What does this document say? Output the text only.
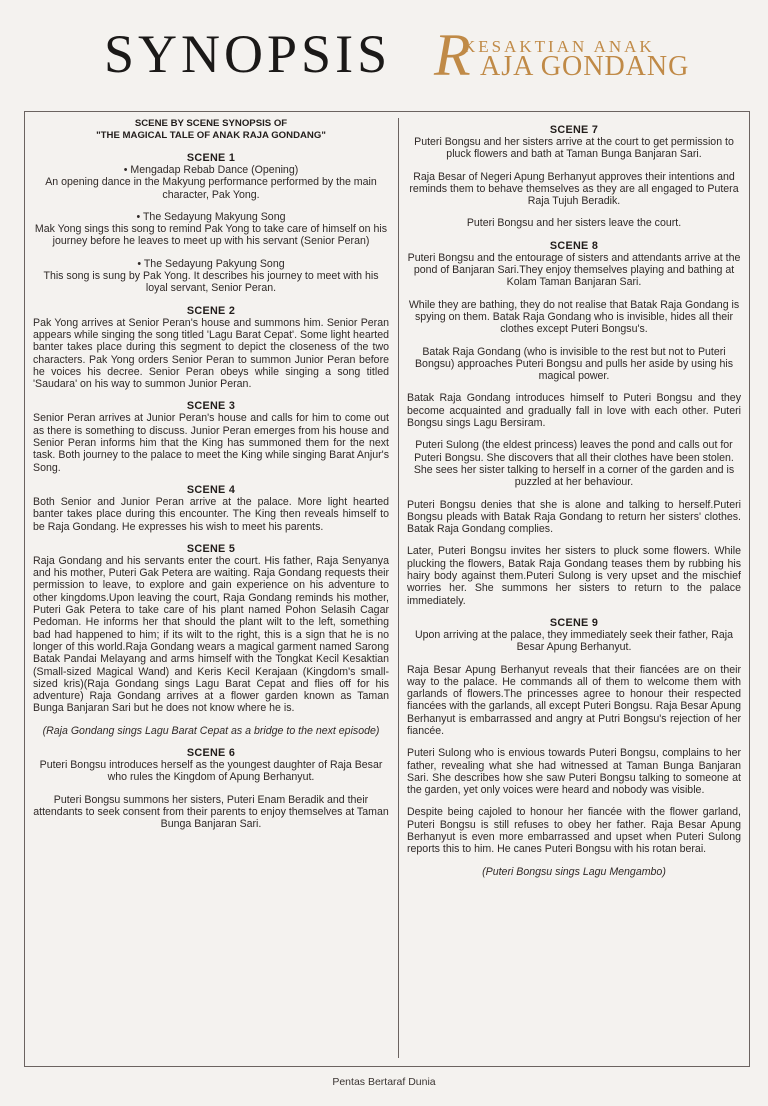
SYNOPSIS R
KESAKTIAN ANAK
AJA GONDANG
SCENE BY SCENE SYNOPSIS OF
"THE MAGICAL TALE OF ANAK RAJA GONDANG"

SCENE 1

• Mengadap Rebab Dance (Opening)

An opening dance in the Makyung performance performed by the main character, Pak Yong.

• The Sedayung Makyung Song

Mak Yong sings this song to remind Pak Yong to take care of himself on his journey before he leaves to meet up with his servant (Senior Peran)

• The Sedayung Pakyung Song

This song is sung by Pak Yong. It describes his journey to meet with his loyal servant, Senior Peran.

SCENE 2

Pak Yong arrives at Senior Peran's house and summons him. Senior Peran appears while singing the song titled 'Lagu Barat Cepat'. Some light hearted banter takes place during this segment to depict the closeness of the two characters. Pak Yong orders Senior Peran to summon Junior Peran before he voices his decree. Senior Peran obeys while singing a song titled 'Saudara' on his way to summon Junior Peran.

SCENE 3

Senior Peran arrives at Junior Peran's house and calls for him to come out as there is something to discuss. Junior Peran emerges from his house and Senior Peran informs him that the King has summoned them for the next task. Both journey to the palace to meet the King while singing Barat Anjur's Song.

SCENE 4

Both Senior and Junior Peran arrive at the palace. More light hearted banter takes place during this encounter. The King then reveals himself to be Raja Gondang. He expresses his wish to meet his parents.

SCENE 5

Raja Gondang and his servants enter the court. His father, Raja Senyanya and his mother, Puteri Gak Petera are waiting. Raja Gondang requests their permission to leave, to explore and gain experience on his adventure to other kingdoms.Upon leaving the court, Raja Gondang reminds his mother, Puteri Gak Petera to take care of his plant named Pohon Selasih Cagar Pedoman. He informs her that should the plant wilt to the left, something bad had happened to him; if its wilt to the right, this is a sign that he is no longer of this world.Raja Gondang wears a magical garment named Sarong Batak Pandai Melayang and arms himself with the Tongkat Kecil Kesaktian (Small-sized Magical Wand) and Keris Kecil Kerajaan (Kingdom's small-sized kris)(Raja Gondang sings Lagu Barat Cepat and flies off for his adventure) Raja Gondang arrives at a flower garden known as Taman Bunga Banjaran Sari but he does not know where he is.

(Raja Gondang sings Lagu Barat Cepat as a bridge to the next episode)

SCENE 6

Puteri Bongsu introduces herself as the youngest daughter of Raja Besar who rules the Kingdom of Apung Berhanyut.

Puteri Bongsu summons her sisters, Puteri Enam Beradik and their attendants to seek consent from their parents to enjoy themselves at Taman Bunga Banjaran Sari.

SCENE 7

Puteri Bongsu and her sisters arrive at the court to get permission to pluck flowers and bath at Taman Bunga Banjaran Sari.

Raja Besar of Negeri Apung Berhanyut approves their intentions and reminds them to behave themselves as they are all engaged to Putera Raja Tujuh Beradik.

Puteri Bongsu and her sisters leave the court.

SCENE 8

Puteri Bongsu and the entourage of sisters and attendants arrive at the pond of Banjaran Sari.They enjoy themselves playing and bathing at Kolam Taman Banjaran Sari.

While they are bathing, they do not realise that Batak Raja Gondang is spying on them. Batak Raja Gondang who is invisible, hides all their clothes except Puteri Bongsu's.

Batak Raja Gondang (who is invisible to the rest but not to Puteri Bongsu) approaches Puteri Bongsu and pulls her aside by using his magical power.

Batak Raja Gondang introduces himself to Puteri Bongsu and they become acquainted and gradually fall in love with each other. Puteri Bongsu sings Lagu Bersiram.

Puteri Sulong (the eldest princess) leaves the pond and calls out for Puteri Bongsu. She discovers that all their clothes have been stolen. She sees her sister talking to herself in a corner of the garden and is puzzled at her behaviour.

Puteri Bongsu denies that she is alone and talking to herself.Puteri Bongsu pleads with Batak Raja Gondang to return her sisters' clothes. Batak Raja Gondang complies.

Later, Puteri Bongsu invites her sisters to pluck some flowers. While plucking the flowers, Batak Raja Gondang teases them by rubbing his hairy body against them.Puteri Sulong is very upset and the mischief worries her. She summons her sisters to return to the palace immediately.

SCENE 9

Upon arriving at the palace, they immediately seek their father, Raja Besar Apung Berhanyut.

Raja Besar Apung Berhanyut reveals that their fiancées are on their way to the palace. He commands all of them to welcome them with garlands of flowers.The princesses agree to honour their respected fiancées with the garlands, all except Puteri Bongsu. Raja Besar Apung Berhanyut is embarrassed and angry at Putri Bongsu's rejection of her fiancée.

Puteri Sulong who is envious towards Puteri Bongsu, complains to her father, revealing what she had witnessed at Taman Bunga Banjaran Sari. She describes how she saw Puteri Bongsu talking to someone at the garden, yet only voices were heard and nobody was visible.

Despite being cajoled to honour her fiancée with the flower garland, Puteri Bongsu is still refuses to obey her father. Raja Besar Apung Berhanyut is even more embarrassed and upset when Puteri Sulong reports this to him. He canes Puteri Bongsu with his rotan berai.

(Puteri Bongsu sings Lagu Mengambo)

Pentas Bertaraf Dunia
